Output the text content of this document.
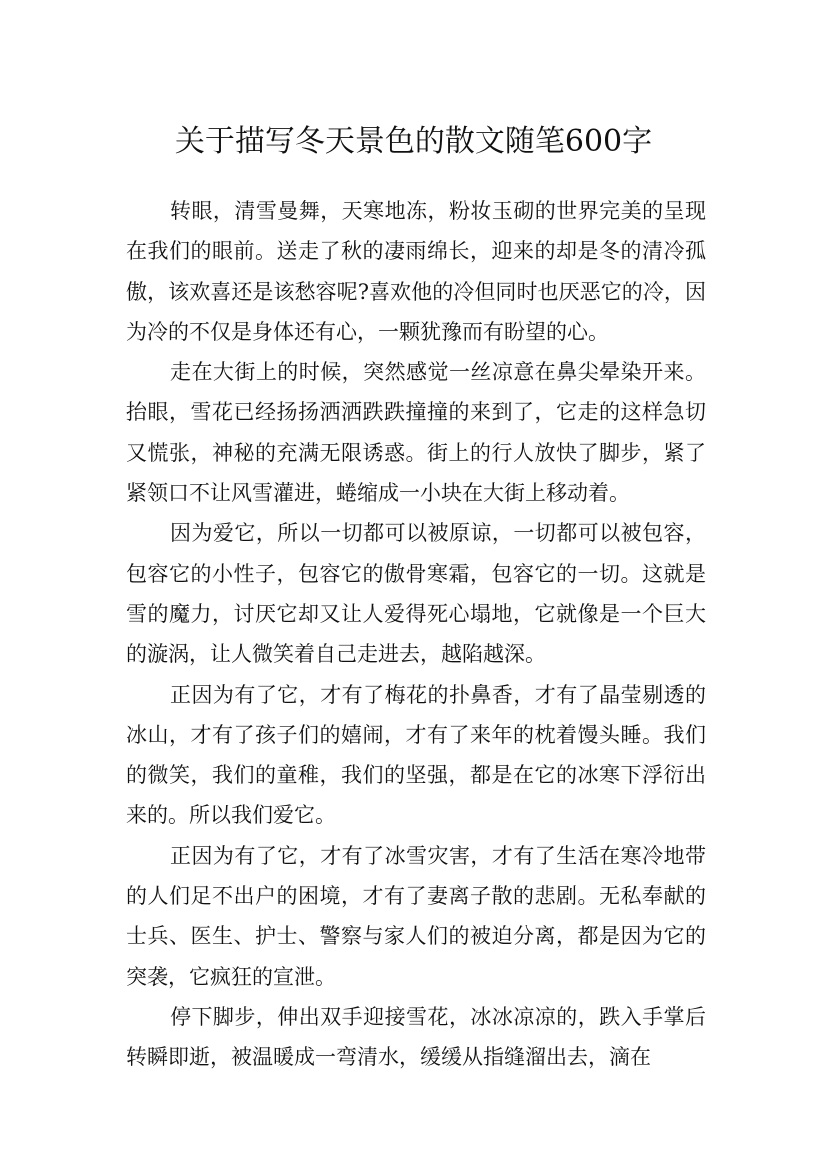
关于描写冬天景色的散文随笔600字

转眼，清雪曼舞，天寒地冻，粉妆玉砌的世界完美的呈现在我们的眼前。送走了秋的凄雨绵长，迎来的却是冬的清冷孤傲，该欢喜还是该愁容呢?喜欢他的冷但同时也厌恶它的冷，因为冷的不仅是身体还有心，一颗犹豫而有盼望的心。

走在大街上的时候，突然感觉一丝凉意在鼻尖晕染开来。抬眼，雪花已经扬扬洒洒跌跌撞撞的来到了，它走的这样急切又慌张，神秘的充满无限诱惑。街上的行人放快了脚步，紧了紧领口不让风雪灌进，蜷缩成一小块在大街上移动着。

因为爱它，所以一切都可以被原谅，一切都可以被包容，包容它的小性子，包容它的傲骨寒霜，包容它的一切。这就是雪的魔力，讨厌它却又让人爱得死心塌地，它就像是一个巨大的漩涡，让人微笑着自己走进去，越陷越深。

正因为有了它，才有了梅花的扑鼻香，才有了晶莹剔透的冰山，才有了孩子们的嬉闹，才有了来年的枕着馒头睡。我们的微笑，我们的童稚，我们的坚强，都是在它的冰寒下浮衍出来的。所以我们爱它。

正因为有了它，才有了冰雪灾害，才有了生活在寒冷地带的人们足不出户的困境，才有了妻离子散的悲剧。无私奉献的士兵、医生、护士、警察与家人们的被迫分离，都是因为它的突袭，它疯狂的宣泄。

停下脚步，伸出双手迎接雪花，冰冰凉凉的，跌入手掌后转瞬即逝，被温暖成一弯清水，缓缓从指缝溜出去，滴在
